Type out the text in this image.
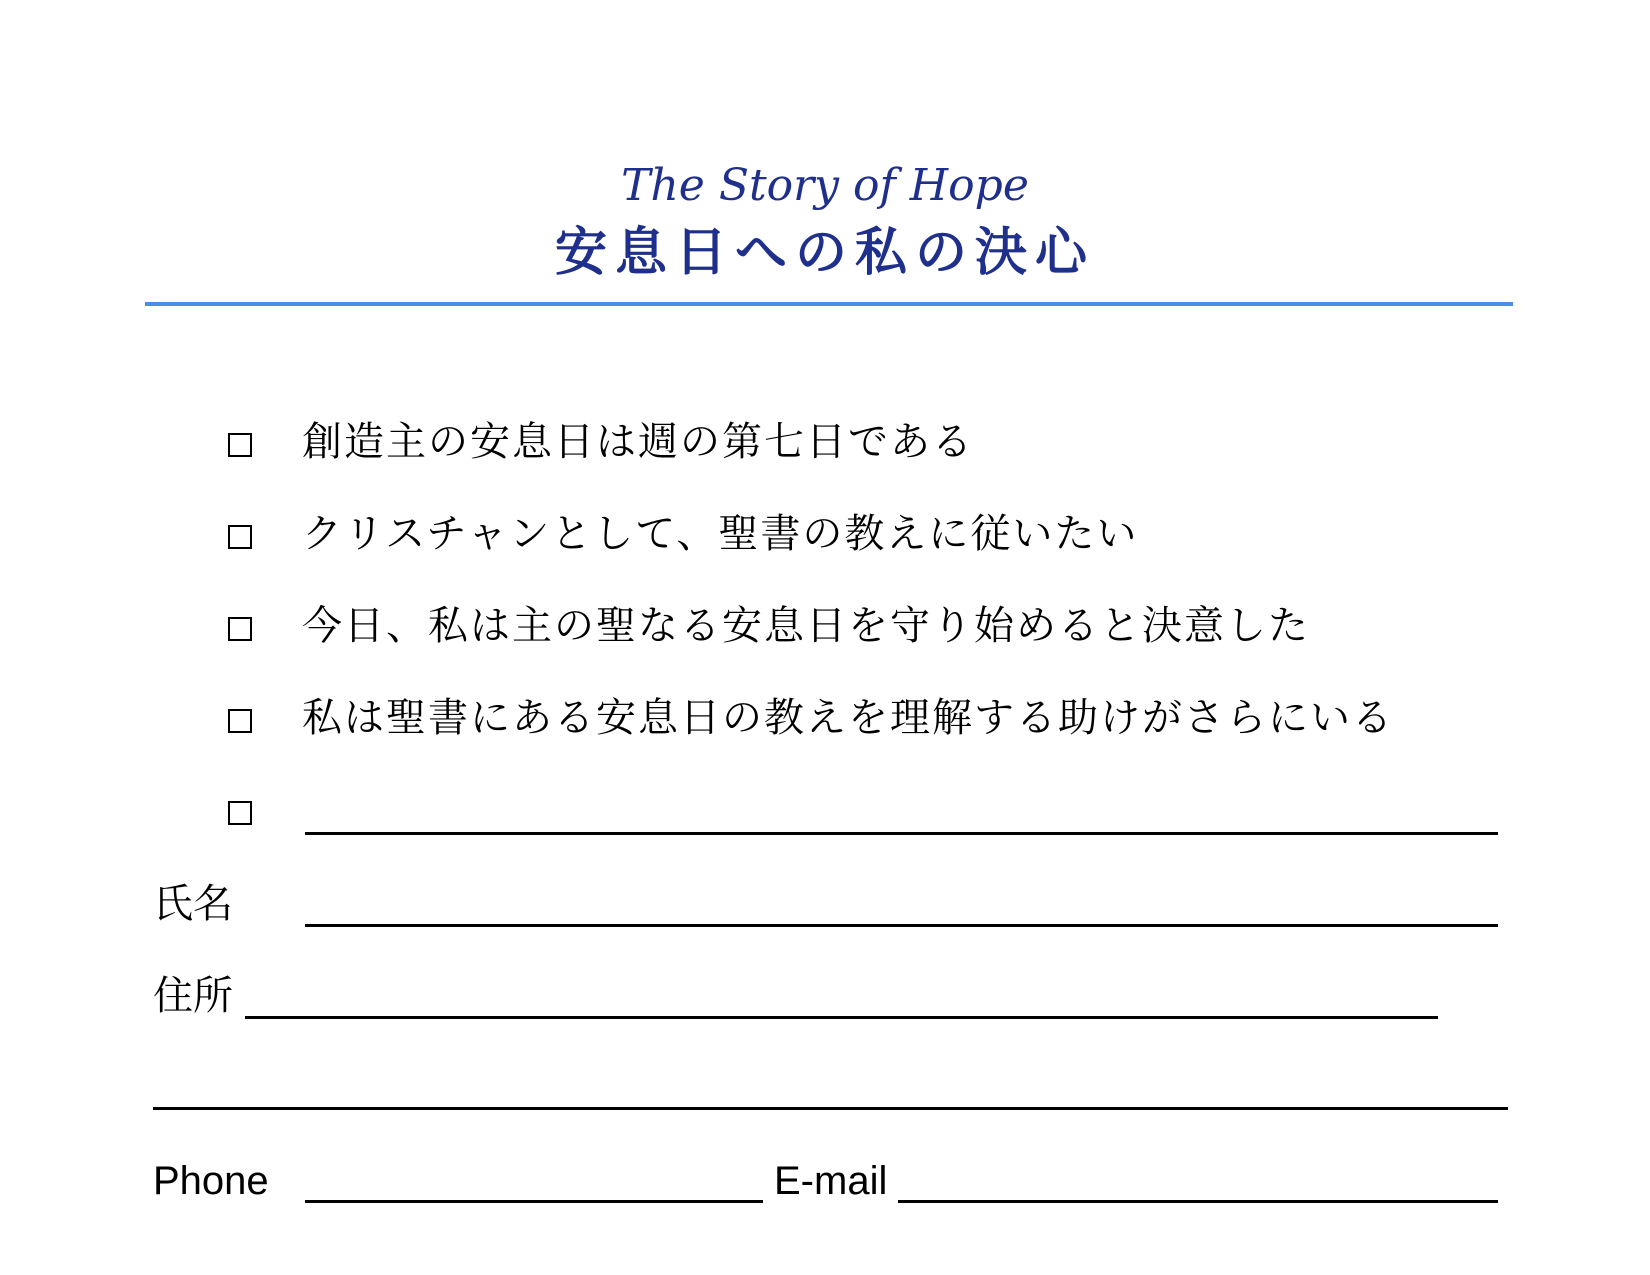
The Story of Hope
安息日への私の決心
創造主の安息日は週の第七日である
クリスチャンとして、聖書の教えに従いたい
今日、私は主の聖なる安息日を守り始めると決意した
私は聖書にある安息日の教えを理解する助けがさらにいる
氏名
住所
Phone	E-mail
